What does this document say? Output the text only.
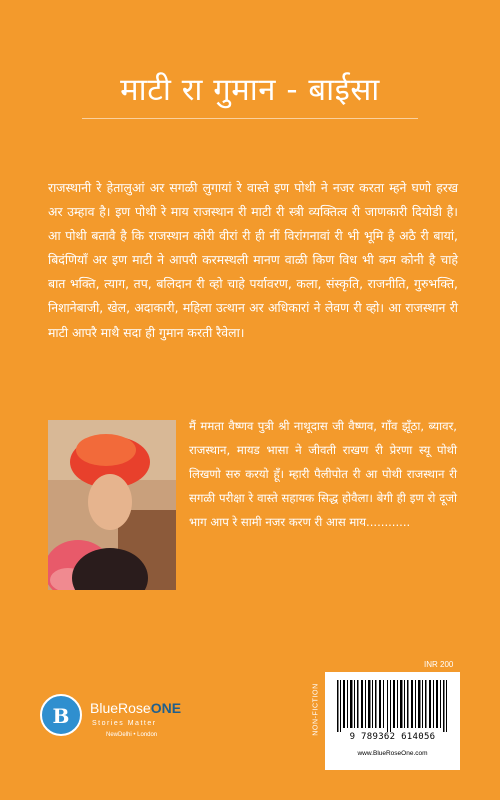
माटी रा गुमान - बाईसा

राजस्थानी रे हेतालुआं अर सगळी लुगायां रे वास्ते इण पोथी ने नजर करता म्हने घणो हरख अर उम्हाव है। इण पोथी रे माय राजस्थान री माटी री स्त्री व्यक्तित्व री जाणकारी दियोडी है। आ पोथी बतावै है कि राजस्थान कोरी वीरां री ही नीं विरांगनावां री भी भूमि है अठै री बायां, बिदंणियाँ अर इण माटी ने आपरी करमस्थली मानण वाळी किण विध भी कम कोनी है चाहे बात भक्ति, त्याग, तप, बलिदान री व्हो चाहे पर्यावरण, कला, संस्कृति, राजनीति, गुरुभक्ति, निशानेबाजी, खेल, अदाकारी, महिला उत्थान अर अधिकारां ने लेवण री व्हो। आ राजस्थान री माटी आपरै माथै सदा ही गुमान करती रैवेला।

मैं ममता वैष्णव पुत्री श्री नाथूदास जी वैष्णव, गाँव झूँठा, ब्यावर, राजस्थान, मायड भासा ने जीवती राखण री प्रेरणा स्यू पोथी लिखणो सरु करयो हूँ। म्हारी पैलीपोत री आ पोथी राजस्थान री सगळी परीक्षा रे वास्ते सहायक सिद्ध होवैला। बेगी ही इण रो दूजो भाग आप रे सामी नजर करण री आस माय............

B	BlueRoseONE
Stories Matter
NewDelhi • London
INR 200
NON-FICTION
9 789362 614056
www.BlueRoseOne.com
